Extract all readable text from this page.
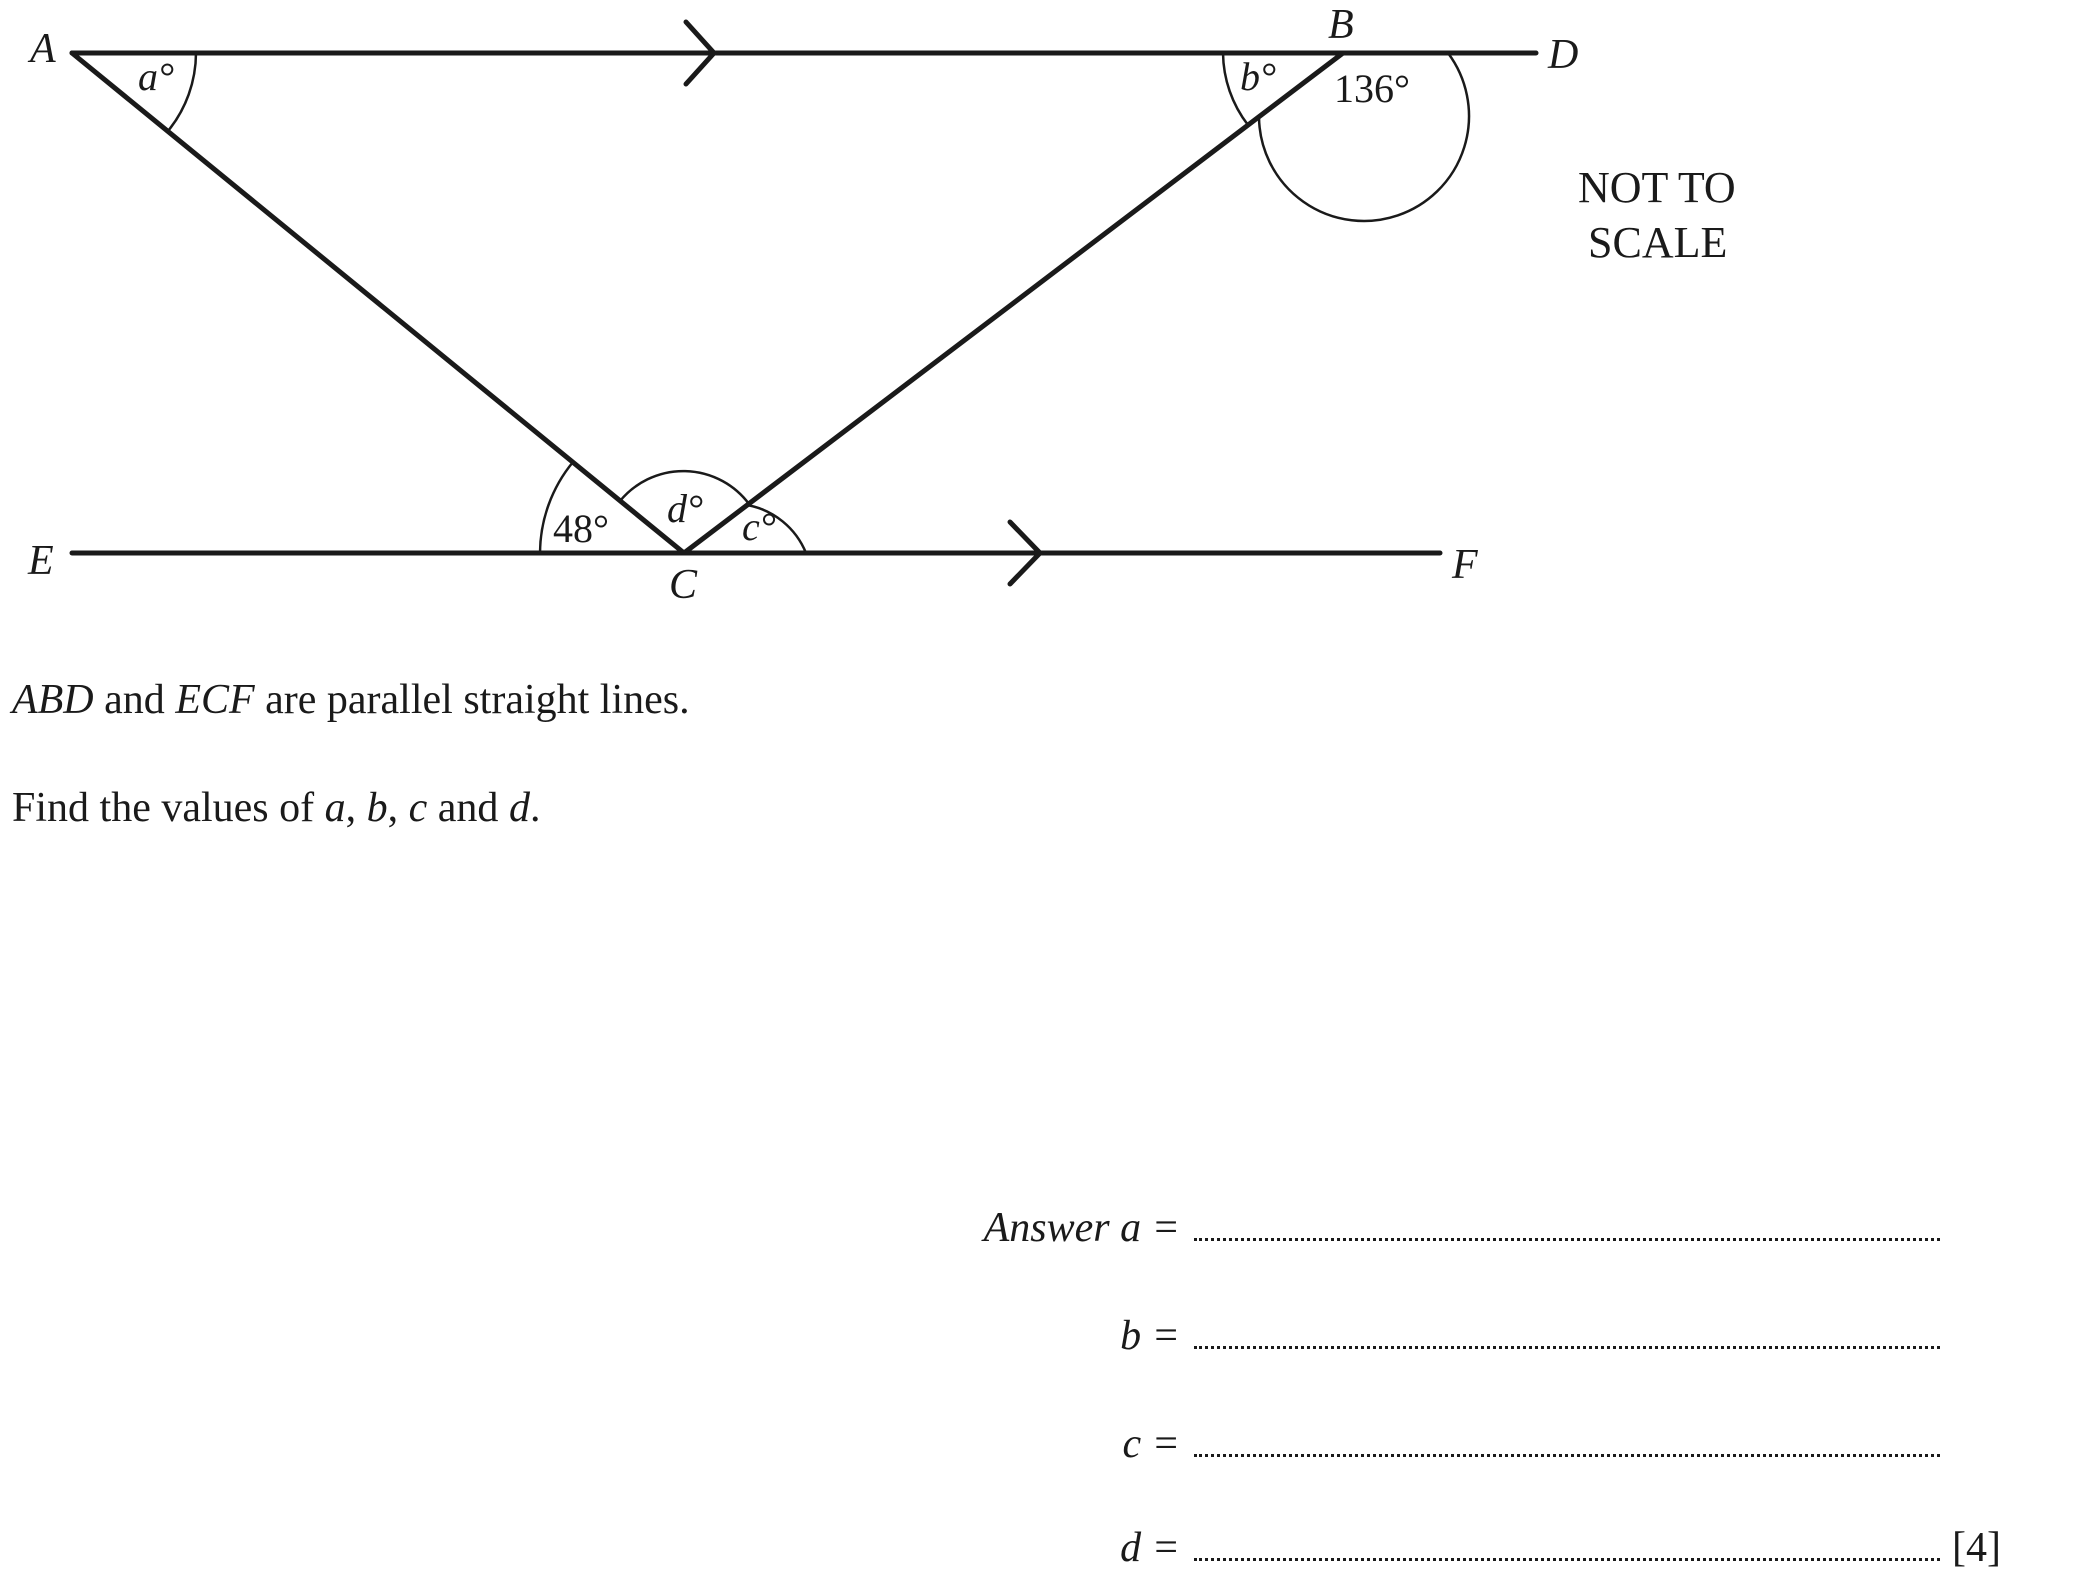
A
B
D
E
C	F
a°	b° 136°
48° d° c°
NOT TO
SCALE

ABD and ECF are parallel straight lines.

Find the values of a, b, c and d.

Answer a =
b =
c =
d =	[4]
